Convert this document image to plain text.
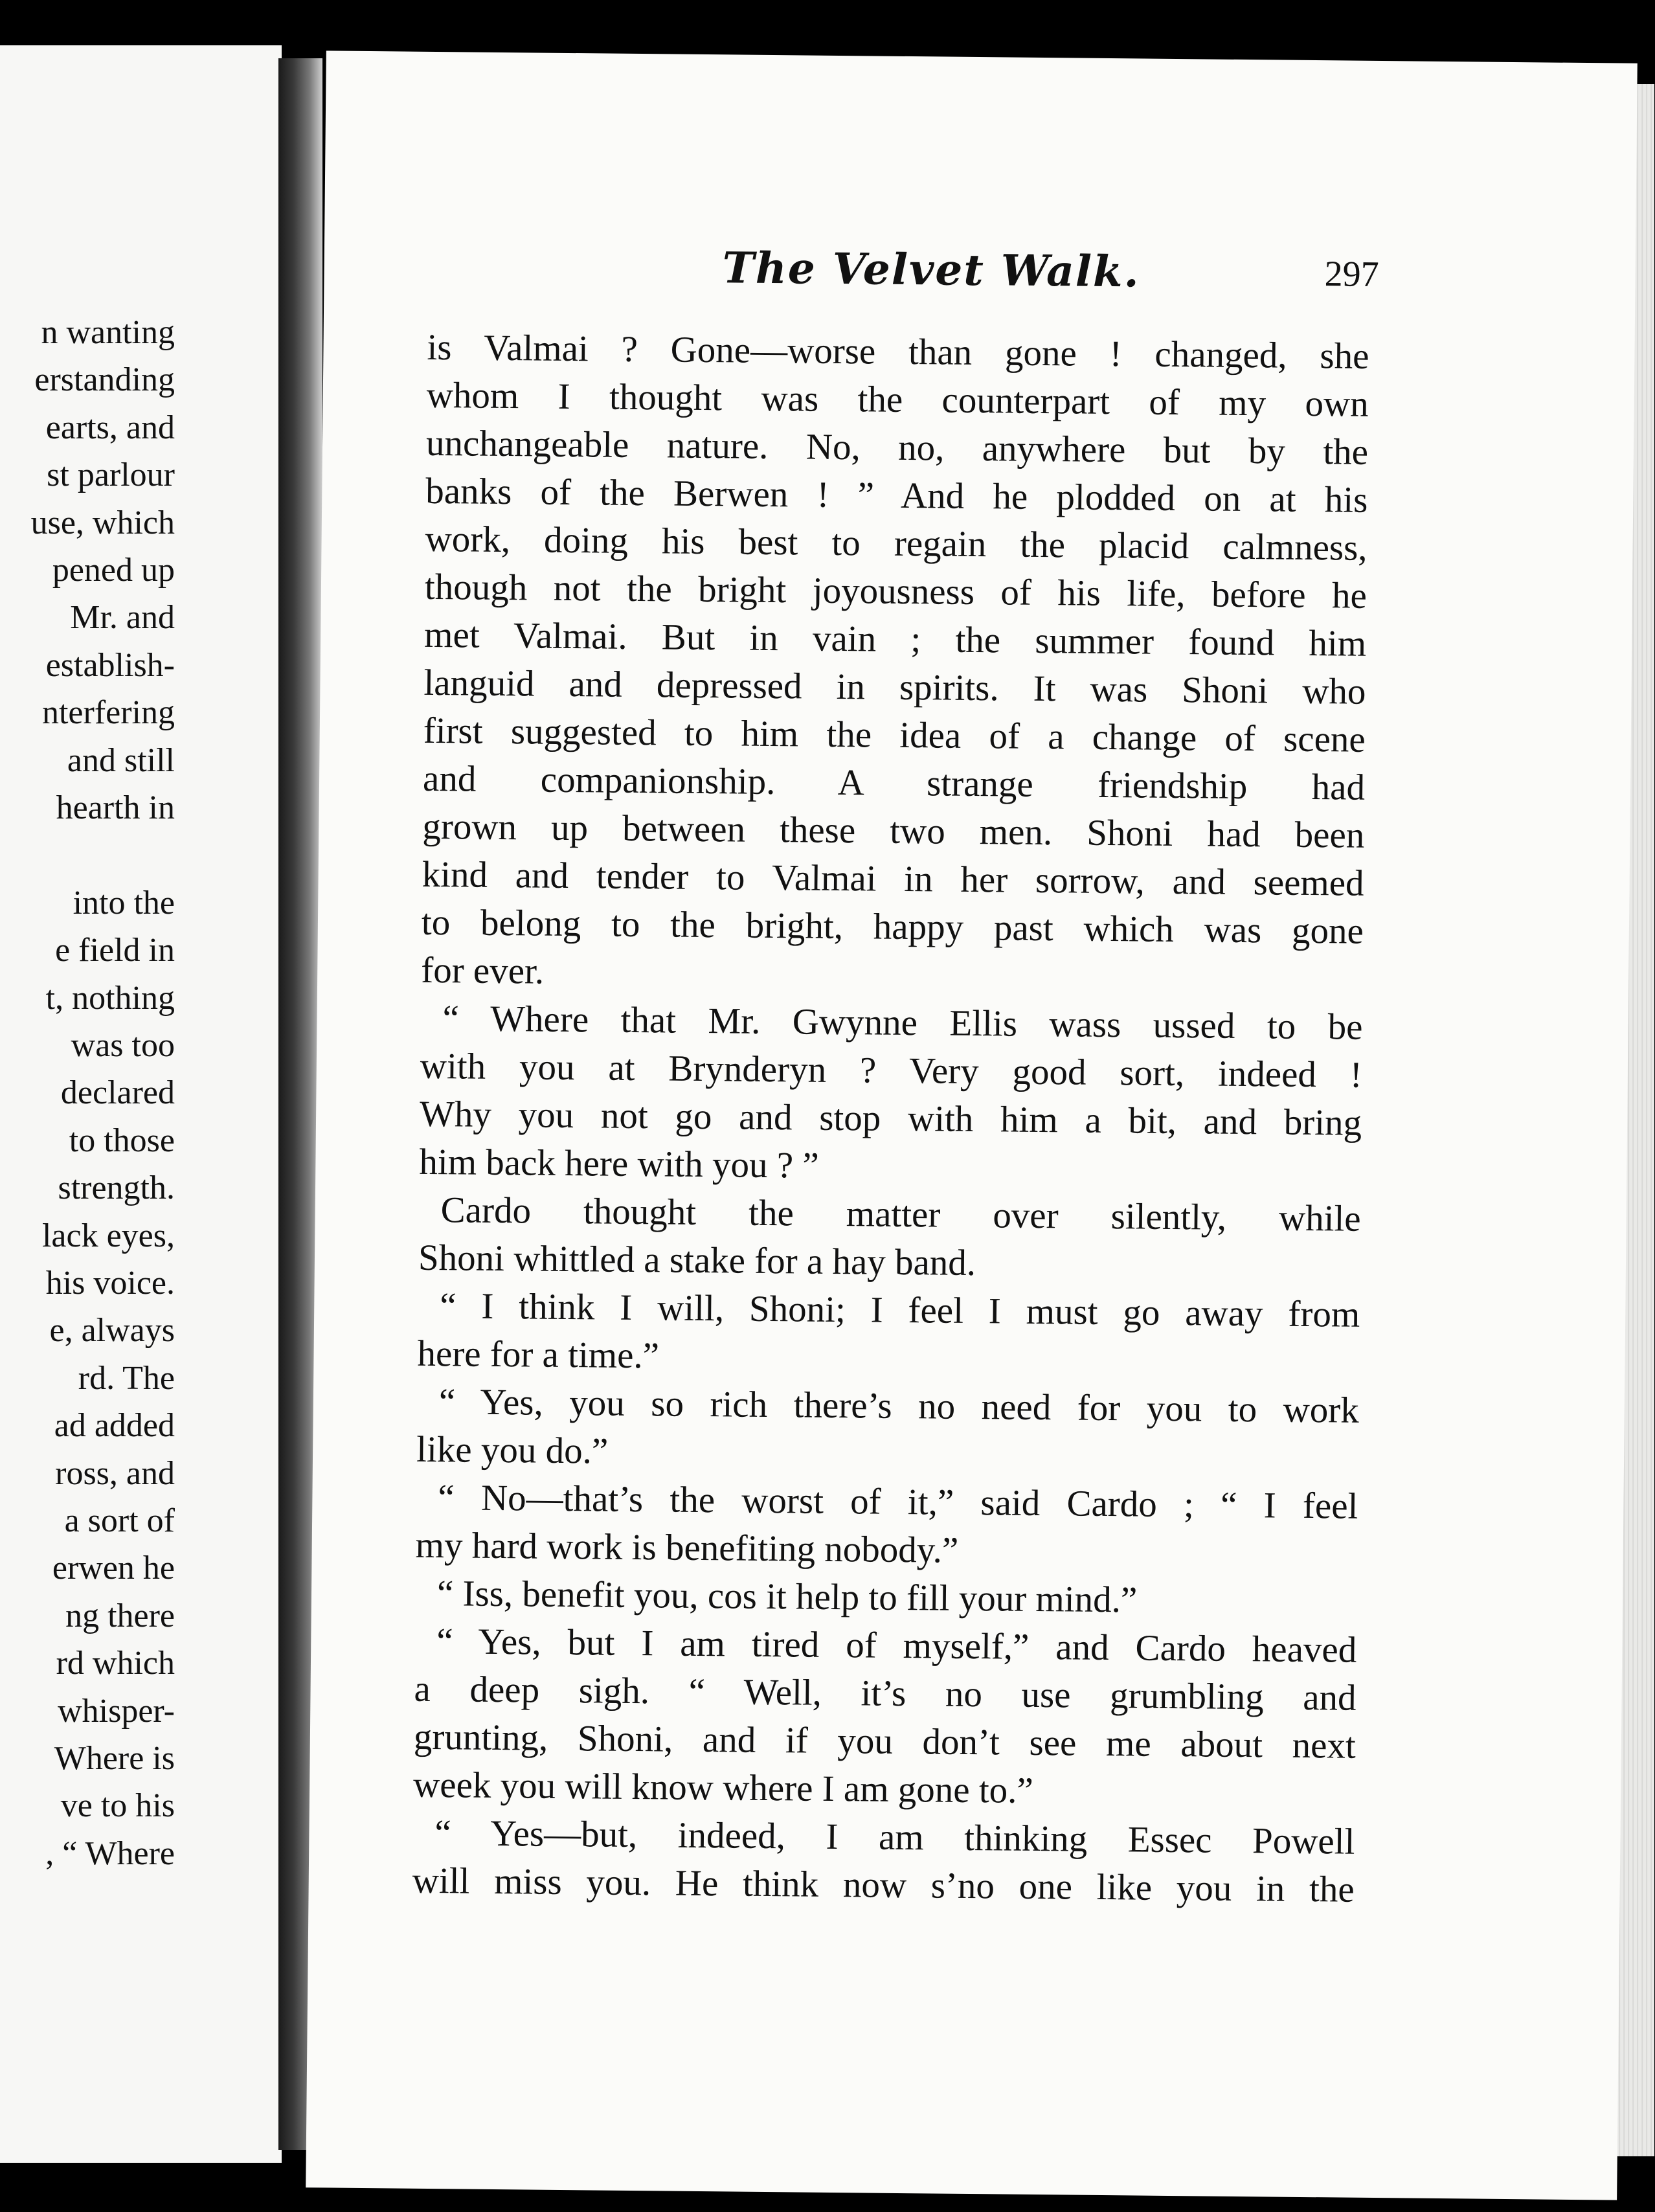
n wanting
erstanding
earts, and
st parlour
use, which
pened up
Mr. and
establish-
nterfering
and still
hearth in
into the
e field in
t, nothing
was too
declared
to those
strength.
lack eyes,
his voice.
e, always
rd. The
ad added
ross, and
a sort of
erwen he
ng there
rd which
whisper-
Where is
ve to his
, “ Where
The Velvet Walk.	297
is Valmai ? Gone—worse than gone ! changed, she
whom I thought was the counterpart of my own
unchangeable nature. No, no, anywhere but by the
banks of the Berwen ! ” And he plodded on at his
work, doing his best to regain the placid calmness,
though not the bright joyousness of his life, before he
met Valmai. But in vain ; the summer found him
languid and depressed in spirits. It was Shoni who
first suggested to him the idea of a change of scene
and companionship. A strange friendship had
grown up between these two men. Shoni had been
kind and tender to Valmai in her sorrow, and seemed
to belong to the bright, happy past which was gone
for ever.
“ Where that Mr. Gwynne Ellis wass ussed to be
with you at Brynderyn ? Very good sort, indeed !
Why you not go and stop with him a bit, and bring
him back here with you ? ”
Cardo thought the matter over silently, while
Shoni whittled a stake for a hay band.
“ I think I will, Shoni; I feel I must go away from
here for a time.”
“ Yes, you so rich there’s no need for you to work
like you do.”
“ No—that’s the worst of it,” said Cardo ; “ I feel
my hard work is benefiting nobody.”
“ Iss, benefit you, cos it help to fill your mind.”
“ Yes, but I am tired of myself,” and Cardo heaved
a deep sigh. “ Well, it’s no use grumbling and
grunting, Shoni, and if you don’t see me about next
week you will know where I am gone to.”
“ Yes—but, indeed, I am thinking Essec Powell
will miss you. He think now s’no one like you in the
